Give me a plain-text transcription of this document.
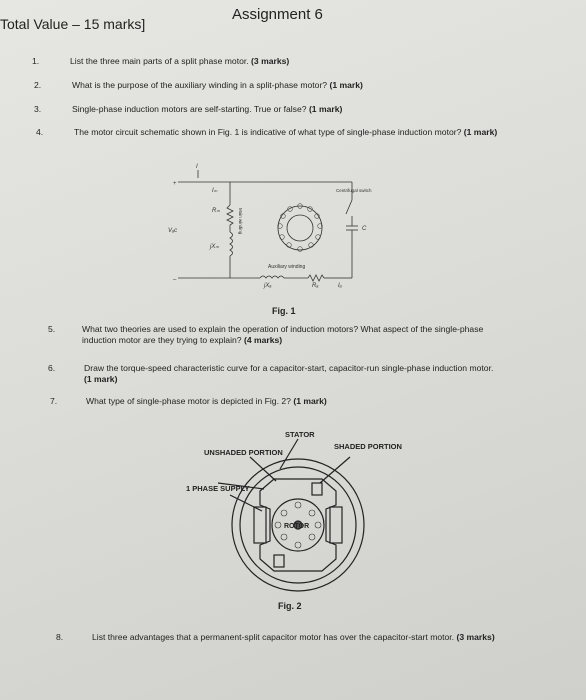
Assignment 6
Total Value – 15 marks]
1.	List the three main parts of a split phase motor. (3 marks)
2.	What is the purpose of the auxiliary winding in a split-phase motor? (1 mark)
3.	Single-phase induction motors are self-starting. True or false? (1 mark)
4.	The motor circuit schematic shown in Fig. 1 is indicative of what type of single-phase induction motor? (1 mark)
+
–
I
Iₘ
Rₘ
jXₘ
Vₐc
jXₐ	Rₐ	Iₐ
C
Auxiliary winding
Centrifugal switch
Main winding
Fig. 1
5.	What two theories are used to explain the operation of induction motors? What aspect of the single-phase induction motor are they trying to explain? (4 marks)
6.	Draw the torque-speed characteristic curve for a capacitor-start, capacitor-run single-phase induction motor. (1 mark)
7.	What type of single-phase motor is depicted in Fig. 2? (1 mark)
STATOR
UNSHADED PORTION
SHADED PORTION
1 PHASE SUPPLY
ROTOR
Fig. 2
8.	List three advantages that a permanent-split capacitor motor has over the capacitor-start motor. (3 marks)
